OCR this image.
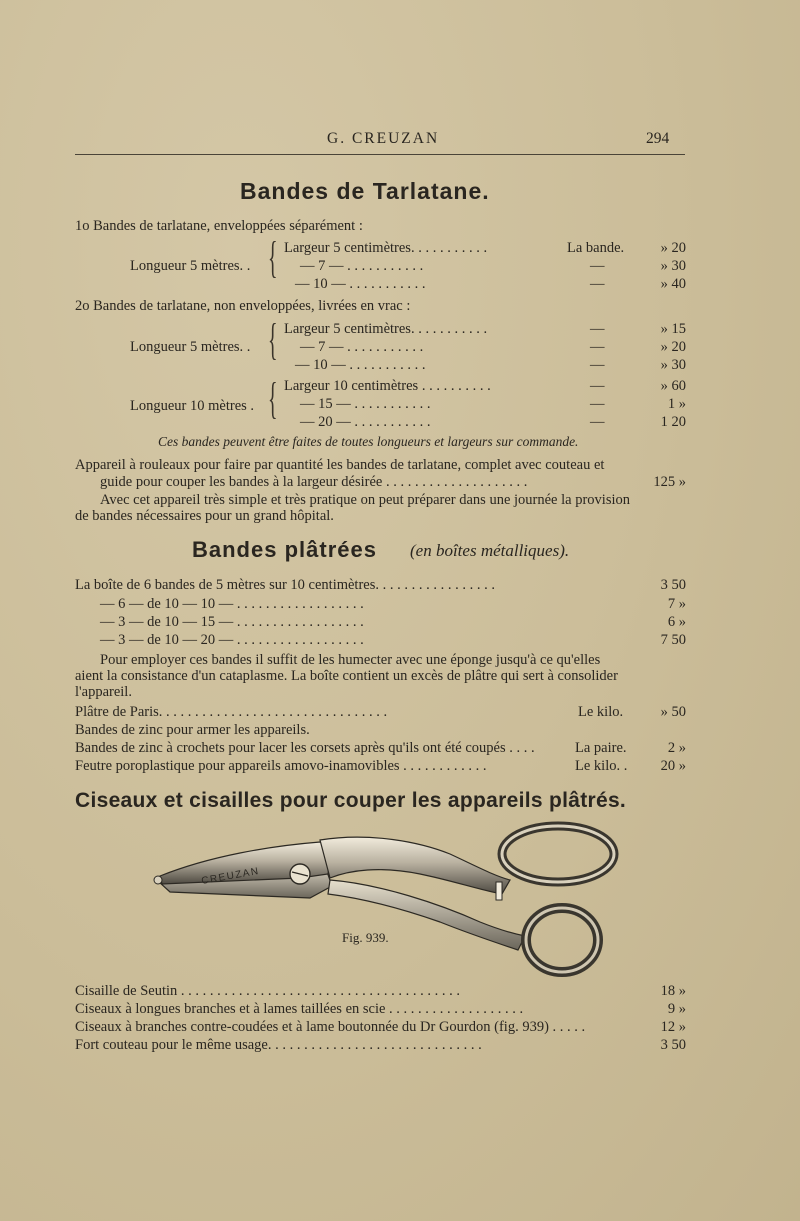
G. CREUZAN	294
Bandes de Tarlatane.
1o Bandes de tarlatane, enveloppées séparément :
Longueur 5 mètres. . { Largeur 5 centimètres. . . . . . . . . . .	La bande.	» 20
— 7 — . . . . . . . . . . .	—	» 30
— 10 — . . . . . . . . . . .	—	» 40
2o Bandes de tarlatane, non enveloppées, livrées en vrac :
Longueur 5 mètres. . { Largeur 5 centimètres. . . . . . . . . . .	—	» 15
— 7 — . . . . . . . . . . .	—	» 20
— 10 — . . . . . . . . . . .	—	» 30
Longueur 10 mètres . { Largeur 10 centimètres . . . . . . . . . .	—	» 60
— 15 — . . . . . . . . . . .	—	1 »
— 20 — . . . . . . . . . . .	—	1 20
Ces bandes peuvent être faites de toutes longueurs et largeurs sur commande.
Appareil à rouleaux pour faire par quantité les bandes de tarlatane, complet avec couteau et
guide pour couper les bandes à la largeur désirée . . . . . . . . . . . . . . . . . . . .	125 »
Avec cet appareil très simple et très pratique on peut préparer dans une journée la provision
de bandes nécessaires pour un grand hôpital.
Bandes plâtrées (en boîtes métalliques).
La boîte de 6 bandes de 5 mètres sur 10 centimètres. . . . . . . . . . . . . . . . .	3 50
— 6 — de 10 — 10 — . . . . . . . . . . . . . . . . . .	7 »
— 3 — de 10 — 15 — . . . . . . . . . . . . . . . . . .	6 »
— 3 — de 10 — 20 — . . . . . . . . . . . . . . . . . .	7 50
Pour employer ces bandes il suffit de les humecter avec une éponge jusqu'à ce qu'elles
aient la consistance d'un cataplasme. La boîte contient un excès de plâtre qui sert à consolider
l'appareil.
Plâtre de Paris. . . . . . . . . . . . . . . . . . . . . . . . . . . . . . . .	Le kilo.	» 50
Bandes de zinc pour armer les appareils.
Bandes de zinc à crochets pour lacer les corsets après qu'ils ont été coupés . . . .	La paire.	2 »
Feutre poroplastique pour appareils amovo-inamovibles . . . . . . . . . . . .	Le kilo. . 20 »
Ciseaux et cisailles pour couper les appareils plâtrés.
CREUZAN
Fig. 939.
Cisaille de Seutin . . . . . . . . . . . . . . . . . . . . . . . . . . . . . . . . . . . . . . .	18 »
Ciseaux à longues branches et à lames taillées en scie . . . . . . . . . . . . . . . . . . .	9 »
Ciseaux à branches contre-coudées et à lame boutonnée du Dr Gourdon (fig. 939) . . . . .	12 »
Fort couteau pour le même usage. . . . . . . . . . . . . . . . . . . . . . . . . . . . . .	3 50
